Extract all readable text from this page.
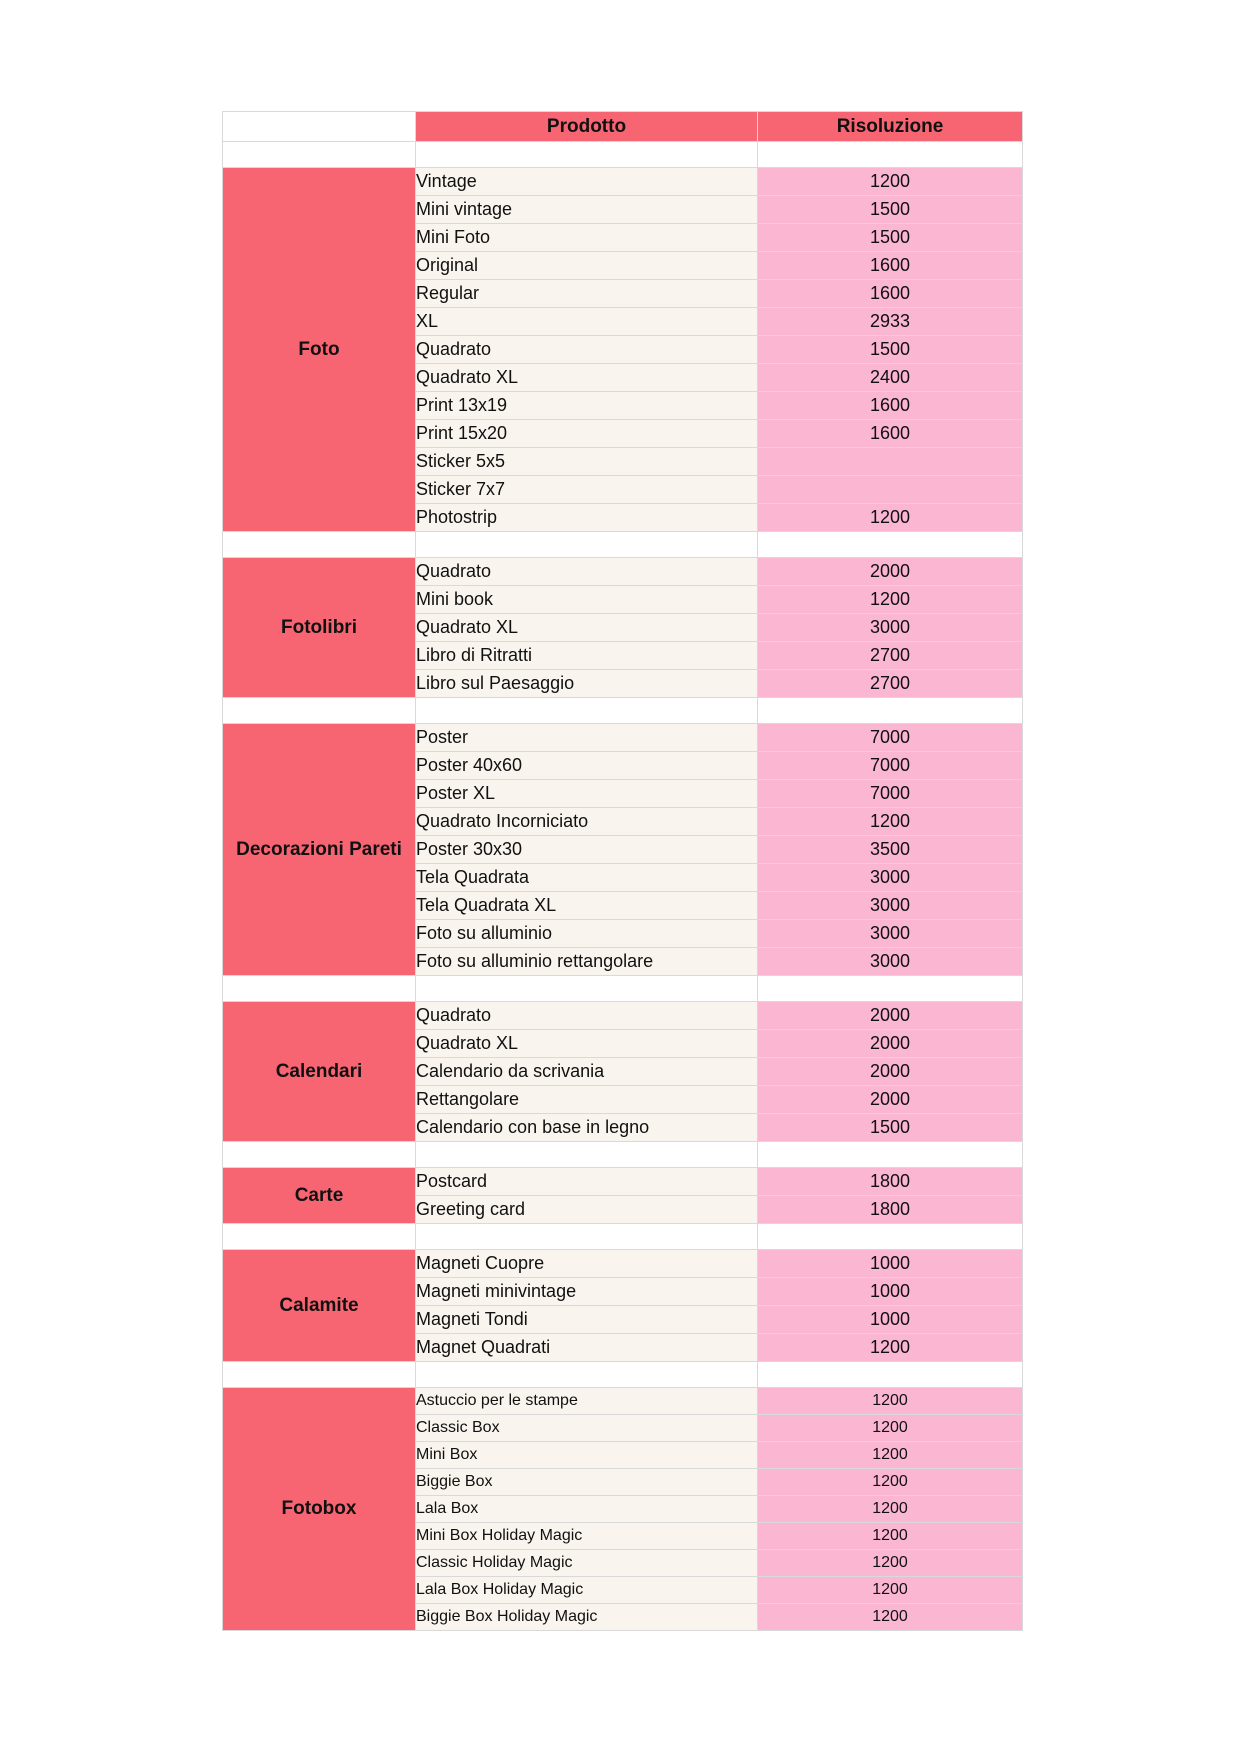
	Prodotto	Risoluzione

Foto	Vintage	1200
	Mini vintage	1500
	Mini Foto	1500
	Original	1600
	Regular	1600
	XL	2933
	Quadrato	1500
	Quadrato XL	2400
	Print 13x19	1600
	Print 15x20	1600
	Sticker 5x5	
	Sticker 7x7	
	Photostrip	1200

Fotolibri	Quadrato	2000
	Mini book	1200
	Quadrato XL	3000
	Libro di Ritratti	2700
	Libro sul Paesaggio	2700

Decorazioni Pareti	Poster	7000
	Poster 40x60	7000
	Poster XL	7000
	Quadrato Incorniciato	1200
	Poster 30x30	3500
	Tela Quadrata	3000
	Tela Quadrata XL	3000
	Foto su alluminio	3000
	Foto su alluminio rettangolare	3000

Calendari	Quadrato	2000
	Quadrato XL	2000
	Calendario da scrivania	2000
	Rettangolare	2000
	Calendario con base in legno	1500

Carte	Postcard	1800
	Greeting card	1800

Calamite	Magneti Cuopre	1000
	Magneti minivintage	1000
	Magneti Tondi	1000
	Magnet Quadrati	1200

Fotobox	Astuccio per le stampe	1200
	Classic Box	1200
	Mini Box	1200
	Biggie Box	1200
	Lala Box	1200
	Mini Box Holiday Magic	1200
	Classic Holiday Magic	1200
	Lala Box Holiday Magic	1200
	Biggie Box Holiday Magic	1200
